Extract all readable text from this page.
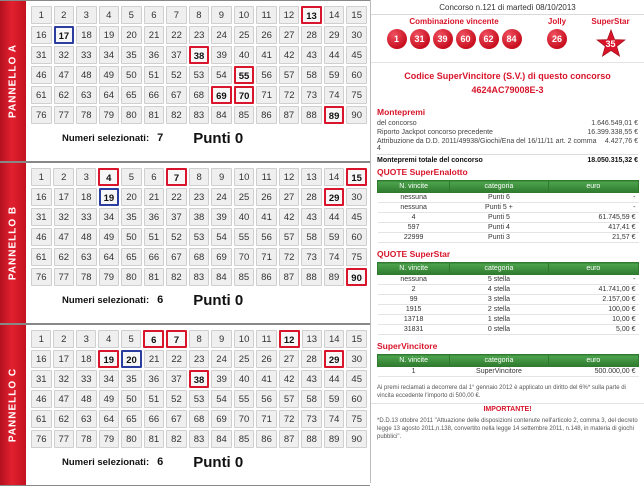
PANNELLO A
1	2	3	4	5	6	7	8	9	10	11	12	13	14	15
16	17	18	19	20	21	22	23	24	25	26	27	28	29	30
31	32	33	34	35	36	37	38	39	40	41	42	43	44	45
46	47	48	49	50	51	52	53	54	55	56	57	58	59	60
61	62	63	64	65	66	67	68	69	70	71	72	73	74	75
76	77	78	79	80	81	82	83	84	85	86	87	88	89	90
Numeri selezionati: 7 Punti 0
PANNELLO B
1	2	3	4	5	6	7	8	9	10	11	12	13	14	15
16	17	18	19	20	21	22	23	24	25	26	27	28	29	30
31	32	33	34	35	36	37	38	39	40	41	42	43	44	45
46	47	48	49	50	51	52	53	54	55	56	57	58	59	60
61	62	63	64	65	66	67	68	69	70	71	72	73	74	75
76	77	78	79	80	81	82	83	84	85	86	87	88	89	90
Numeri selezionati: 6 Punti 0
PANNELLO C
1	2	3	4	5	6	7	8	9	10	11	12	13	14	15
16	17	18	19	20	21	22	23	24	25	26	27	28	29	30
31	32	33	34	35	36	37	38	39	40	41	42	43	44	45
46	47	48	49	50	51	52	53	54	55	56	57	58	59	60
61	62	63	64	65	66	67	68	69	70	71	72	73	74	75
76	77	78	79	80	81	82	83	84	85	86	87	88	89	90
Numeri selezionati: 6 Punti 0
Concorso n.121 di martedì 08/10/2013
Combinazione vincente
1	31	39	60	62	84
Jolly
26
SuperStar
35
Codice SuperVincitore (S.V.) di questo concorso
4624AC79008E-3
Montepremi
del concorso	1.646.549,01 €
Riporto Jackpot concorso precedente	16.399.338,55 €
Attribuzione da D.D. 2011/49938/Giochi/Ena del 16/11/11 art. 2 comma 4
4.427,76 €
Montepremi totale del concorso	18.050.315,32 €
QUOTE SuperEnalotto
N. vincite	categoria	euro
nessuna	Punti 6	-
nessuna	Punti 5 +	-
4	Punti 5	61.745,59 €
597	Punti 4	417,41 €
22999	Punti 3	21,57 €
QUOTE SuperStar
N. vincite	categoria	euro
nessuna	5 stella	-
2	4 stella	41.741,00 €
99	3 stella	2.157,00 €
1915	2 stella	100,00 €
13718	1 stella	10,00 €
31831	0 stella	5,00 €
SuperVincitore
N. vincite	categoria	euro
1	SuperVincitore	500.000,00 €
Ai premi reclamati a decorrere dal 1° gennaio 2012 è applicato un diritto del 6%* sulla parte di vincita eccedente l'importo di 500,00 €.
IMPORTANTE!
*D.D.13 ottobre 2011 "Attuazione delle disposizioni contenute nell'articolo 2, comma 3, del decreto legge 13 agosto 2011,n.138, convertito nella legge 14 settembre 2011, n.148, in materia di giochi pubblici".
